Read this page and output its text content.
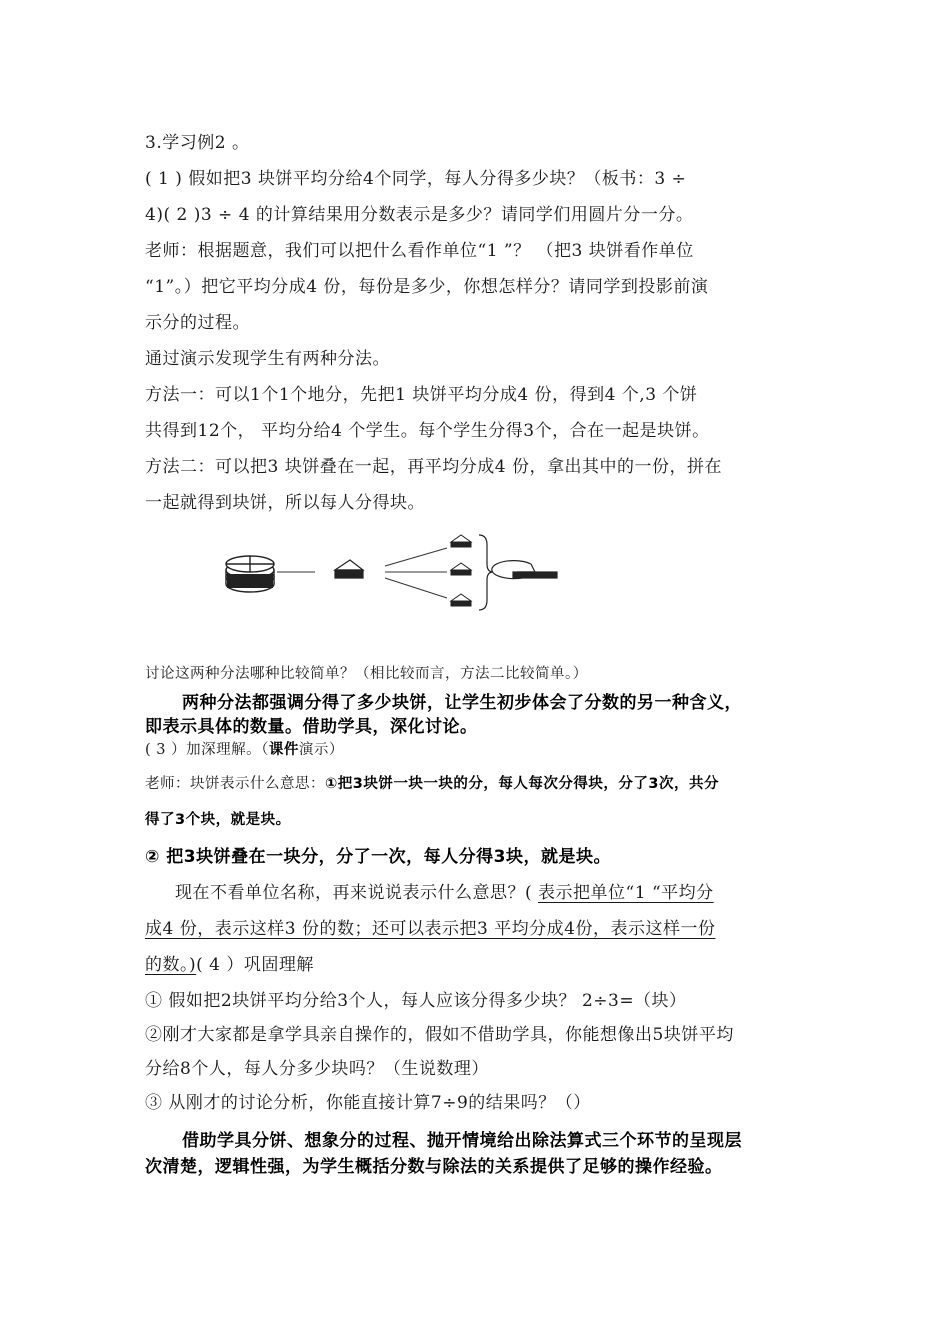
3.学习例2 。
( 1 ) 假如把3 块饼平均分给4个同学，每人分得多少块？（板书：3 ÷
4)( 2 )3 ÷ 4 的计算结果用分数表示是多少？请同学们用圆片分一分。
老师：根据题意，我们可以把什么看作单位“1 ”？ （把3 块饼看作单位
“1”。）把它平均分成4 份，每份是多少，你想怎样分？请同学到投影前演
示分的过程。
通过演示发现学生有两种分法。
方法一：可以1个1个地分，先把1 块饼平均分成4 份，得到4 个,3 个饼
共得到12个， 平均分给4 个学生。每个学生分得3个，合在一起是块饼。
方法二：可以把3 块饼叠在一起，再平均分成4 份，拿出其中的一份，拼在
一起就得到块饼，所以每人分得块。
讨论这两种分法哪种比较简单？（相比较而言，方法二比较简单。）
两种分法都强调分得了多少块饼，让学生初步体会了分数的另一种含义，
即表示具体的数量。借助学具，深化讨论。
( 3 ）加深理解。（课件演示）
老师：块饼表示什么意思：①把3块饼一块一块的分，每人每次分得块，分了3次，共分
得了3个块，就是块。
② 把3块饼叠在一块分，分了一次，每人分得3块，就是块。
现在不看单位名称，再来说说表示什么意思？( 表示把单位“1 “平均分
成4 份，表示这样3 份的数；还可以表示把3 平均分成4份，表示这样一份
的数。)( 4 ）巩固理解
① 假如把2块饼平均分给3个人，每人应该分得多少块？ 2÷3=（块）
②刚才大家都是拿学具亲自操作的，假如不借助学具，你能想像出5块饼平均
分给8个人，每人分多少块吗？（生说数理）
③ 从刚才的讨论分析，你能直接计算7÷9的结果吗？（）
借助学具分饼、想象分的过程、抛开情境给出除法算式三个环节的呈现层
次清楚，逻辑性强，为学生概括分数与除法的关系提供了足够的操作经验。
